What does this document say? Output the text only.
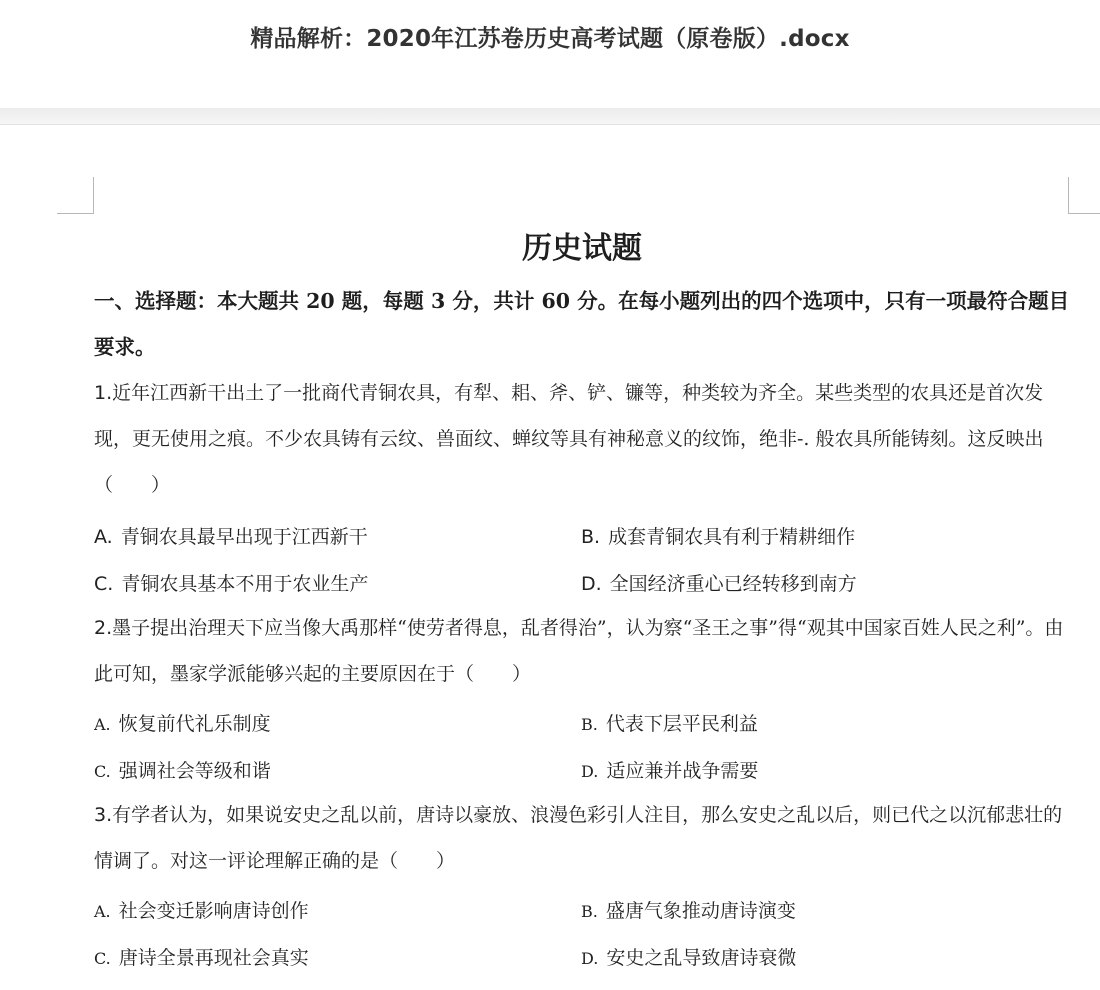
精品解析：2020年江苏卷历史高考试题（原卷版）.docx
历史试题
一、选择题：本大题共 20 题，每题 3 分，共计 60 分。在每小题列出的四个选项中，只有一项最符合题目要求。
1.近年江西新干出土了一批商代青铜农具，有犁、耜、斧、铲、镰等，种类较为齐全。某些类型的农具还是首次发现，更无使用之痕。不少农具铸有云纹、兽面纹、蝉纹等具有神秘意义的纹饰，绝非-. 般农具所能铸刻。这反映出（　　）
A. 青铜农具最早出现于江西新干	B. 成套青铜农具有利于精耕细作
C. 青铜农具基本不用于农业生产	D. 全国经济重心已经转移到南方
2.墨子提出治理天下应当像大禹那样“使劳者得息，乱者得治”，认为察“圣王之事”得“观其中国家百姓人民之利”。由此可知，墨家学派能够兴起的主要原因在于（　　）
A. 恢复前代礼乐制度	B. 代表下层平民利益
C. 强调社会等级和谐	D. 适应兼并战争需要
3.有学者认为，如果说安史之乱以前，唐诗以豪放、浪漫色彩引人注目，那么安史之乱以后，则已代之以沉郁悲壮的情调了。对这一评论理解正确的是（　　）
A. 社会变迁影响唐诗创作	B. 盛唐气象推动唐诗演变
C. 唐诗全景再现社会真实	D. 安史之乱导致唐诗衰微
